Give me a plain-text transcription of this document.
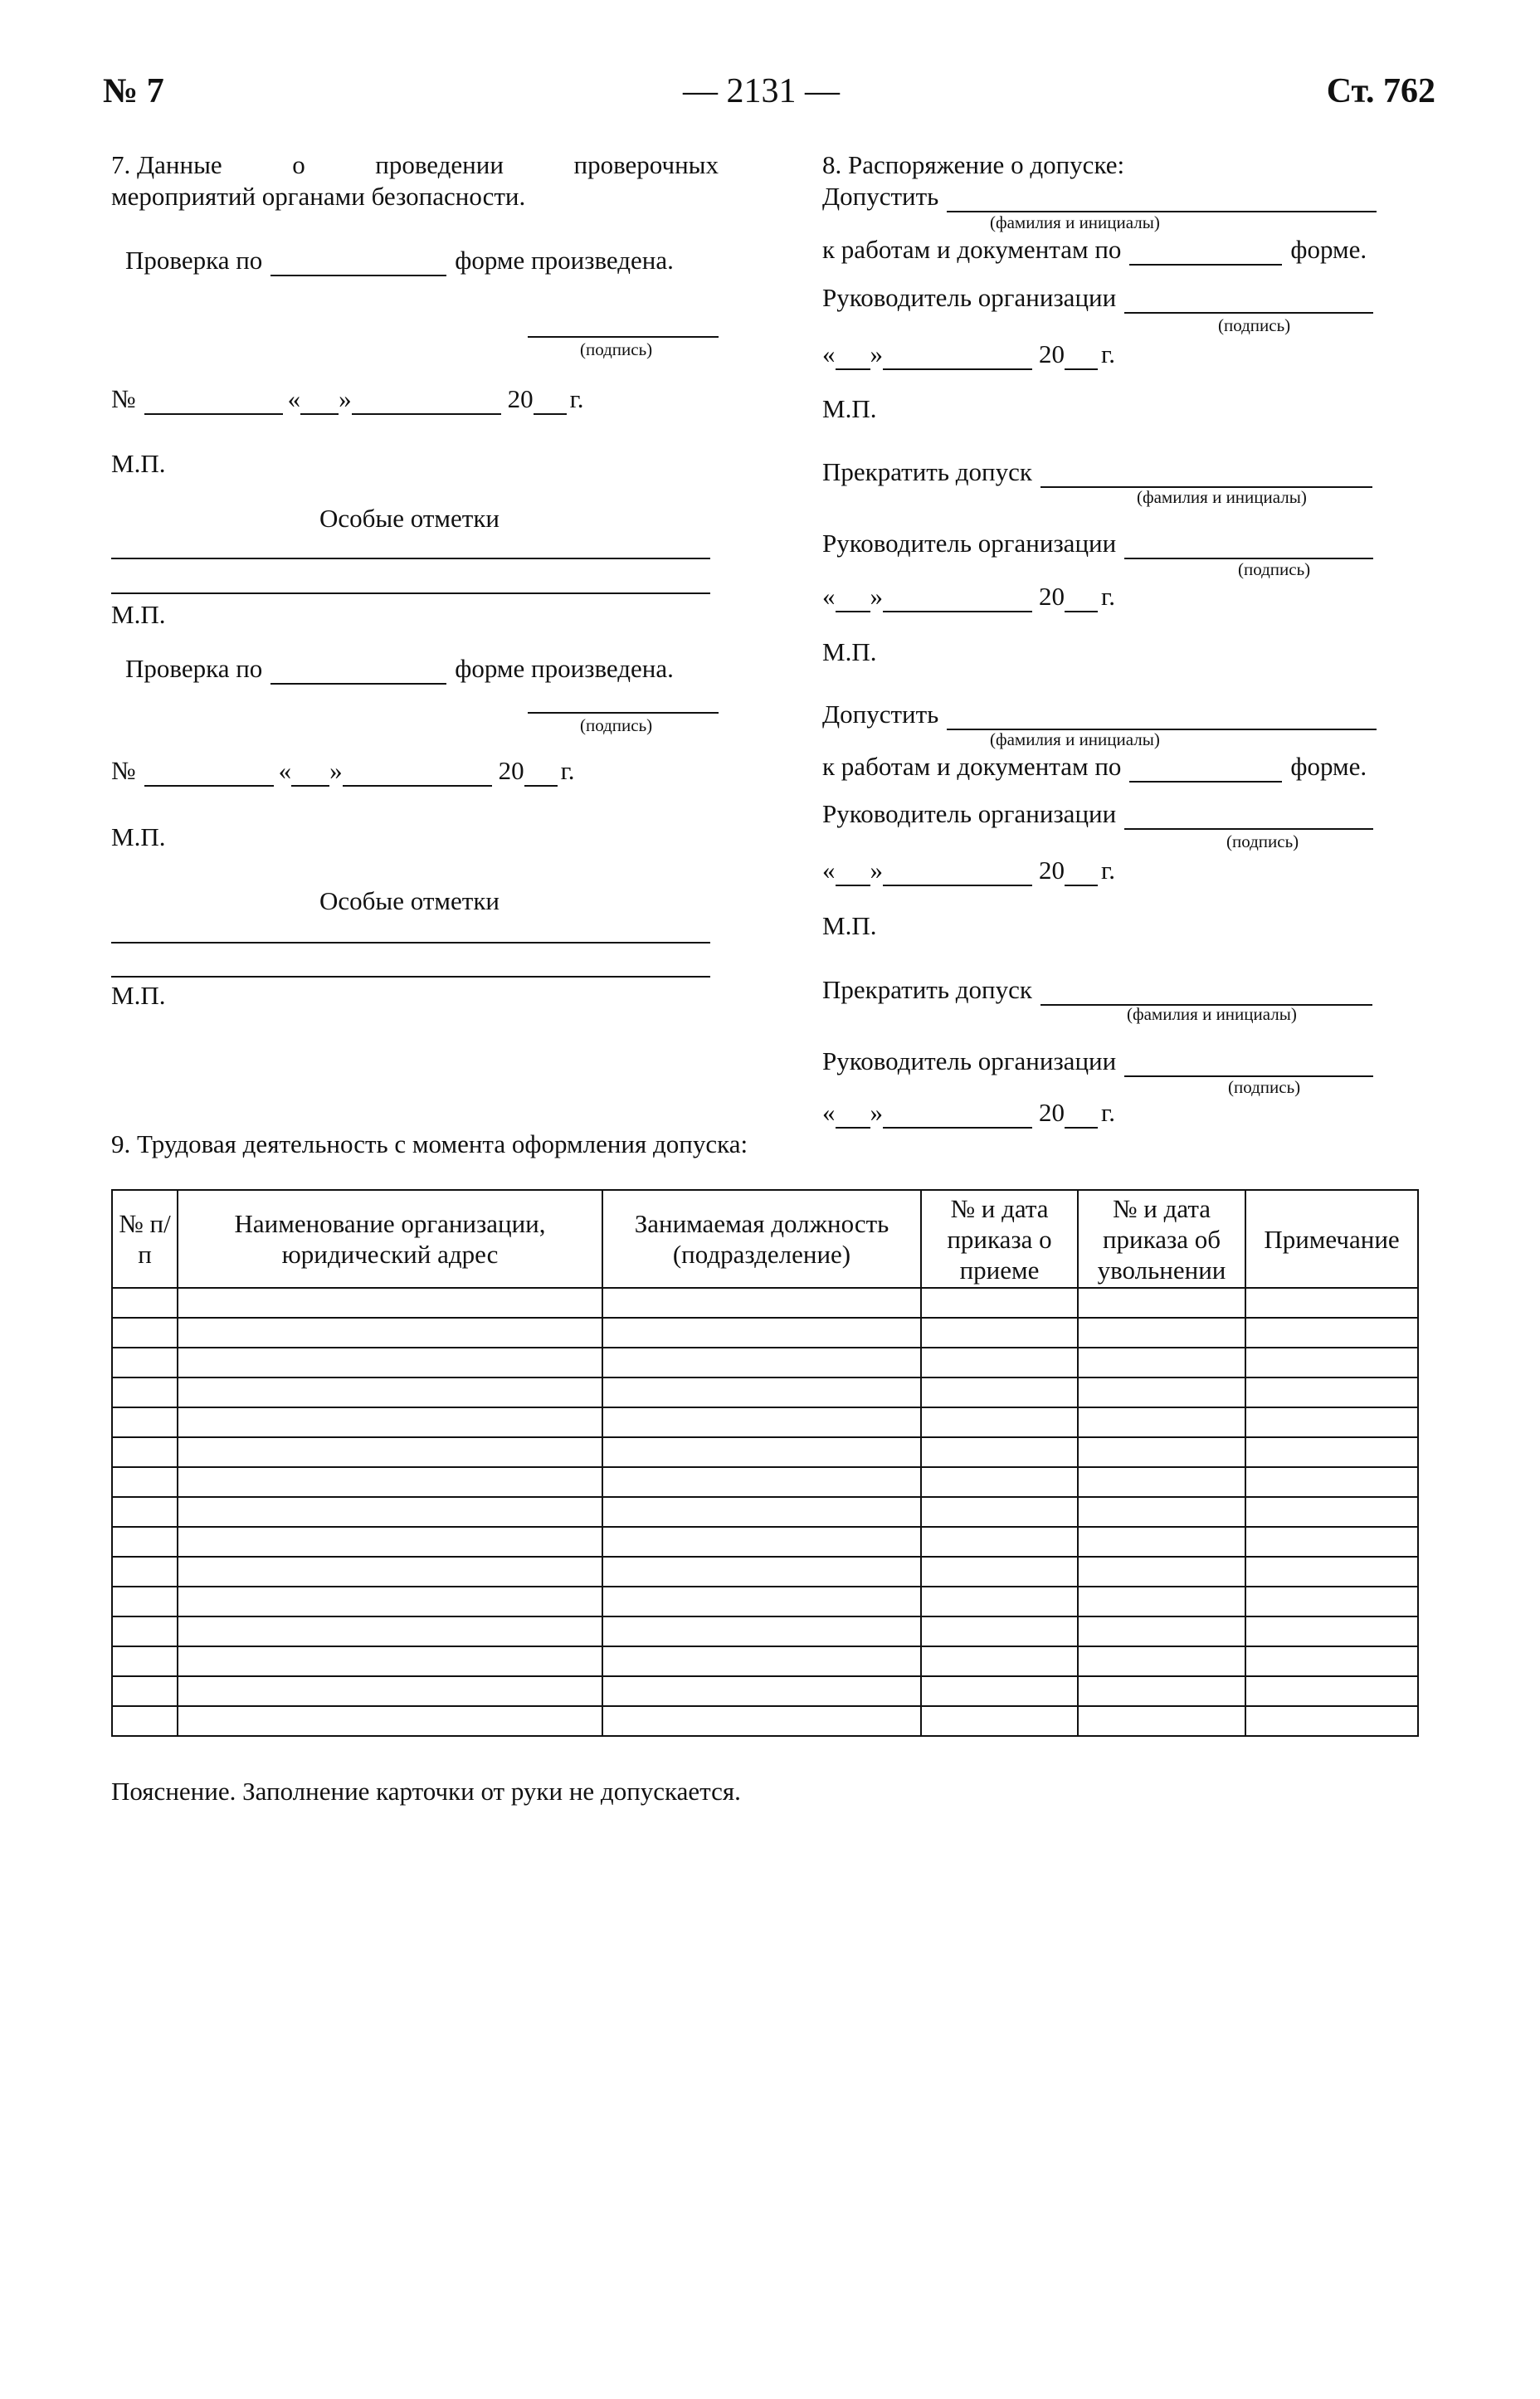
№ 7	— 2131 —	Ст. 762
7. Данные	о	проведении	проверочных
мероприятий органами безопасности.
Проверка по	форме произведена.
(подпись)
№	« »	20 г.
М.П.
Особые отметки
М.П.
Проверка по	форме произведена.
(подпись)
№	« »	20 г.
М.П.
Особые отметки
М.П.
8. Распоряжение о допуске:
Допустить
(фамилия и инициалы)
к работам и документам по	форме.
Руководитель организации
(подпись)
« »	20 г.
М.П.
Прекратить допуск
(фамилия и инициалы)
Руководитель организации
(подпись)
« »	20 г.
М.П.
Допустить
(фамилия и инициалы)
к работам и документам по	форме.
Руководитель организации
(подпись)
« »	20 г.
М.П.
Прекратить допуск
(фамилия и инициалы)
Руководитель организации
(подпись)
« »	20 г.
9. Трудовая деятельность с момента оформления допуска:
№ п/п	Наименование организации, юридический адрес	Занимаемая должность (подразделение)	№ и дата приказа о приеме	№ и дата приказа об увольнении	Примечание

Пояснение. Заполнение карточки от руки не допускается.
